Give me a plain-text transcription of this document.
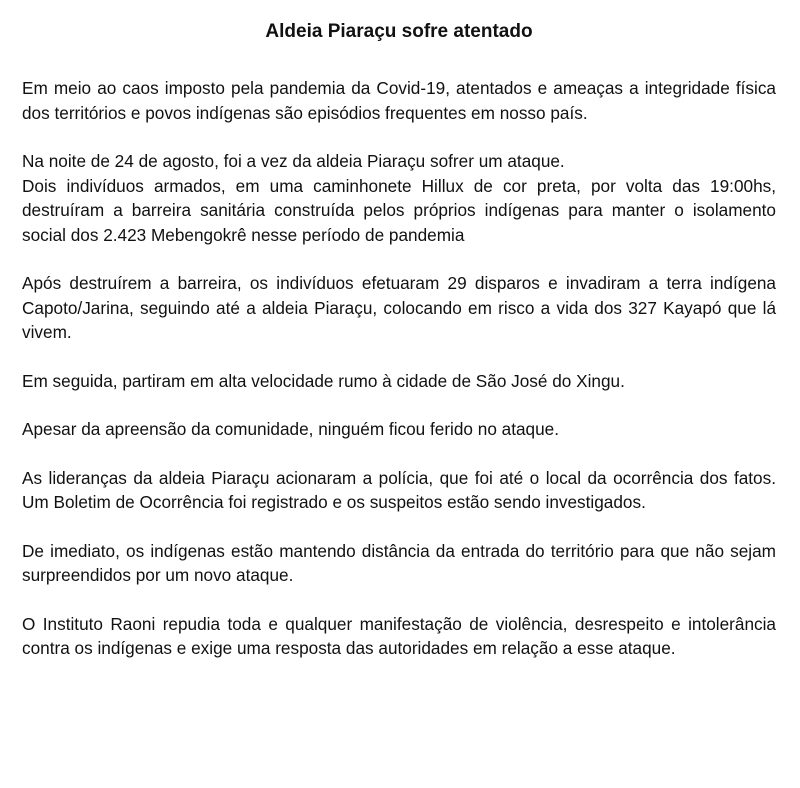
Aldeia Piaraçu sofre atentado
Em meio ao caos imposto pela pandemia da Covid-19, atentados e ameaças a integridade física dos territórios e povos indígenas são episódios frequentes em nosso país.
Na noite de 24 de agosto, foi a vez da aldeia Piaraçu sofrer um ataque.
Dois indivíduos armados, em uma caminhonete Hillux de cor preta, por volta das 19:00hs, destruíram a barreira sanitária construída pelos próprios indígenas para manter o isolamento social dos 2.423 Mebengokrê nesse período de pandemia
Após destruírem a barreira, os indivíduos efetuaram 29 disparos e invadiram a terra indígena Capoto/Jarina, seguindo até a aldeia Piaraçu, colocando em risco a vida dos 327 Kayapó que lá vivem.
Em seguida, partiram em alta velocidade rumo à cidade de São José do Xingu.
Apesar da apreensão da comunidade, ninguém ficou ferido no ataque.
As lideranças da aldeia Piaraçu acionaram a polícia, que foi até o local da ocorrência dos fatos. Um Boletim de Ocorrência foi registrado e os suspeitos estão sendo investigados.
De imediato, os indígenas estão mantendo distância da entrada do território para que não sejam surpreendidos por um novo ataque.
O Instituto Raoni repudia toda e qualquer manifestação de violência, desrespeito e intolerância contra os indígenas e exige uma resposta das autoridades em relação a esse ataque.
